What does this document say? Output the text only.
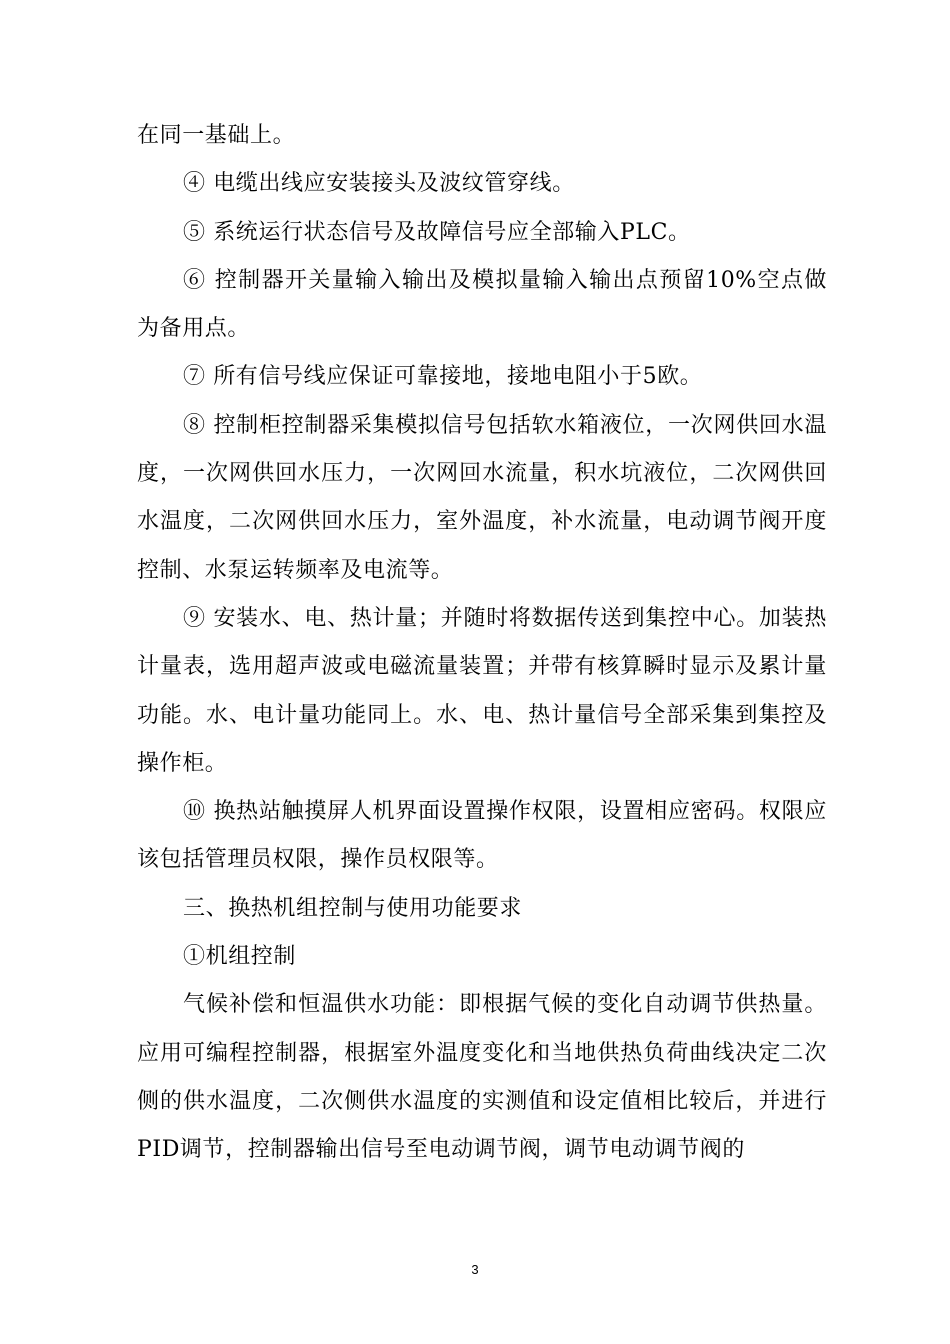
在同一基础上。

④ 电缆出线应安装接头及波纹管穿线。

⑤ 系统运行状态信号及故障信号应全部输入PLC。

⑥ 控制器开关量输入输出及模拟量输入输出点预留10%空点做为备用点。

⑦ 所有信号线应保证可靠接地，接地电阻小于5欧。

⑧ 控制柜控制器采集模拟信号包括软水箱液位，一次网供回水温度，一次网供回水压力，一次网回水流量，积水坑液位，二次网供回水温度，二次网供回水压力，室外温度，补水流量，电动调节阀开度控制、水泵运转频率及电流等。

⑨ 安装水、电、热计量；并随时将数据传送到集控中心。加装热计量表，选用超声波或电磁流量装置；并带有核算瞬时显示及累计量功能。水、电计量功能同上。水、电、热计量信号全部采集到集控及操作柜。

⑩ 换热站触摸屏人机界面设置操作权限，设置相应密码。权限应该包括管理员权限，操作员权限等。

三、换热机组控制与使用功能要求

①机组控制

气候补偿和恒温供水功能：即根据气候的变化自动调节供热量。应用可编程控制器，根据室外温度变化和当地供热负荷曲线决定二次侧的供水温度，二次侧供水温度的实测值和设定值相比较后，并进行PID调节，控制器输出信号至电动调节阀，调节电动调节阀的

3
